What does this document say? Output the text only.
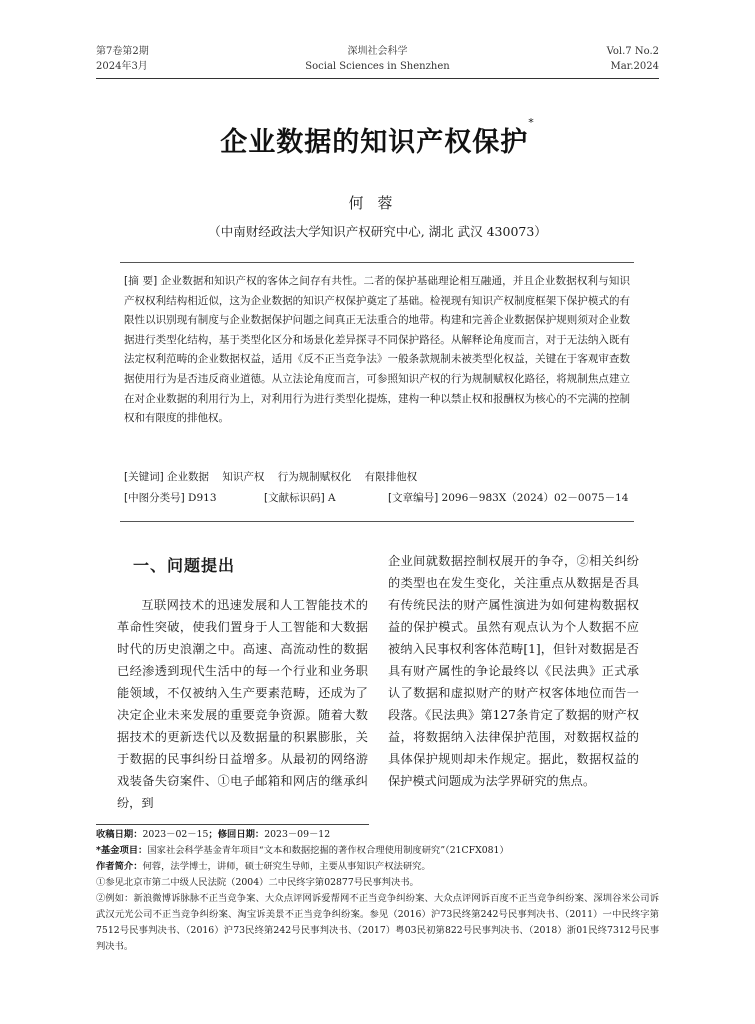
第7卷第2期
2024年3月
深圳社会科学
Social Sciences in Shenzhen
Vol.7 No.2
Mar.2024
企业数据的知识产权保护*
何蓉
（中南财经政法大学知识产权研究中心, 湖北 武汉 430073）
[摘 要] 企业数据和知识产权的客体之间存有共性。二者的保护基础理论相互融通，并且企业数据权利与知识产权权利结构相近似，这为企业数据的知识产权保护奠定了基础。检视现有知识产权制度框架下保护模式的有限性以识别现有制度与企业数据保护问题之间真正无法重合的地带。构建和完善企业数据保护规则须对企业数据进行类型化结构，基于类型化区分和场景化差异探寻不同保护路径。从解释论角度而言，对于无法纳入既有法定权利范畴的企业数据权益，适用《反不正当竞争法》一般条款规制未被类型化权益，关键在于客观审查数据使用行为是否违反商业道德。从立法论角度而言，可参照知识产权的行为规制赋权化路径，将规制焦点建立在对企业数据的利用行为上，对利用行为进行类型化提炼，建构一种以禁止权和报酬权为核心的不完满的控制权和有限度的排他权。
[关键词] 企业数据    知识产权    行为规制赋权化    有限排他权
[中图分类号] D913	[文献标识码] A	[文章编号] 2096－983X（2024）02－0075－14
一、问题提出

互联网技术的迅速发展和人工智能技术的革命性突破，使我们置身于人工智能和大数据时代的历史浪潮之中。高速、高流动性的数据已经渗透到现代生活中的每一个行业和业务职能领域，不仅被纳入生产要素范畴，还成为了决定企业未来发展的重要竞争资源。随着大数据技术的更新迭代以及数据量的积累膨胀，关于数据的民事纠纷日益增多。从最初的网络游戏装备失窃案件、①电子邮箱和网店的继承纠纷，到

企业间就数据控制权展开的争夺，②相关纠纷的类型也在发生变化，关注重点从数据是否具有传统民法的财产属性演进为如何建构数据权益的保护模式。虽然有观点认为个人数据不应被纳入民事权利客体范畴[1]，但针对数据是否具有财产属性的争论最终以《民法典》正式承认了数据和虚拟财产的财产权客体地位而告一段落。《民法典》第127条肯定了数据的财产权益，将数据纳入法律保护范围，对数据权益的具体保护规则却未作规定。据此，数据权益的保护模式问题成为法学界研究的焦点。

收稿日期：2023－02－15；修回日期：2023－09－12
*基金项目：国家社会科学基金青年项目“文本和数据挖掘的著作权合理使用制度研究”（21CFX081）
作者简介：何蓉，法学博士，讲师，硕士研究生导师，主要从事知识产权法研究。
①参见北京市第二中级人民法院（2004）二中民终字第02877号民事判决书。
②例如：新浪微博诉脉脉不正当竞争案、大众点评网诉爱帮网不正当竞争纠纷案、大众点评网诉百度不正当竞争纠纷案、深圳谷米公司诉武汉元光公司不正当竞争纠纷案、淘宝诉美景不正当竞争纠纷案。参见（2016）沪73民终第242号民事判决书、（2011）一中民终字第7512号民事判决书、（2016）沪73民终第242号民事判决书、（2017）粤03民初第822号民事判决书、（2018）浙01民终7312号民事判决书。
